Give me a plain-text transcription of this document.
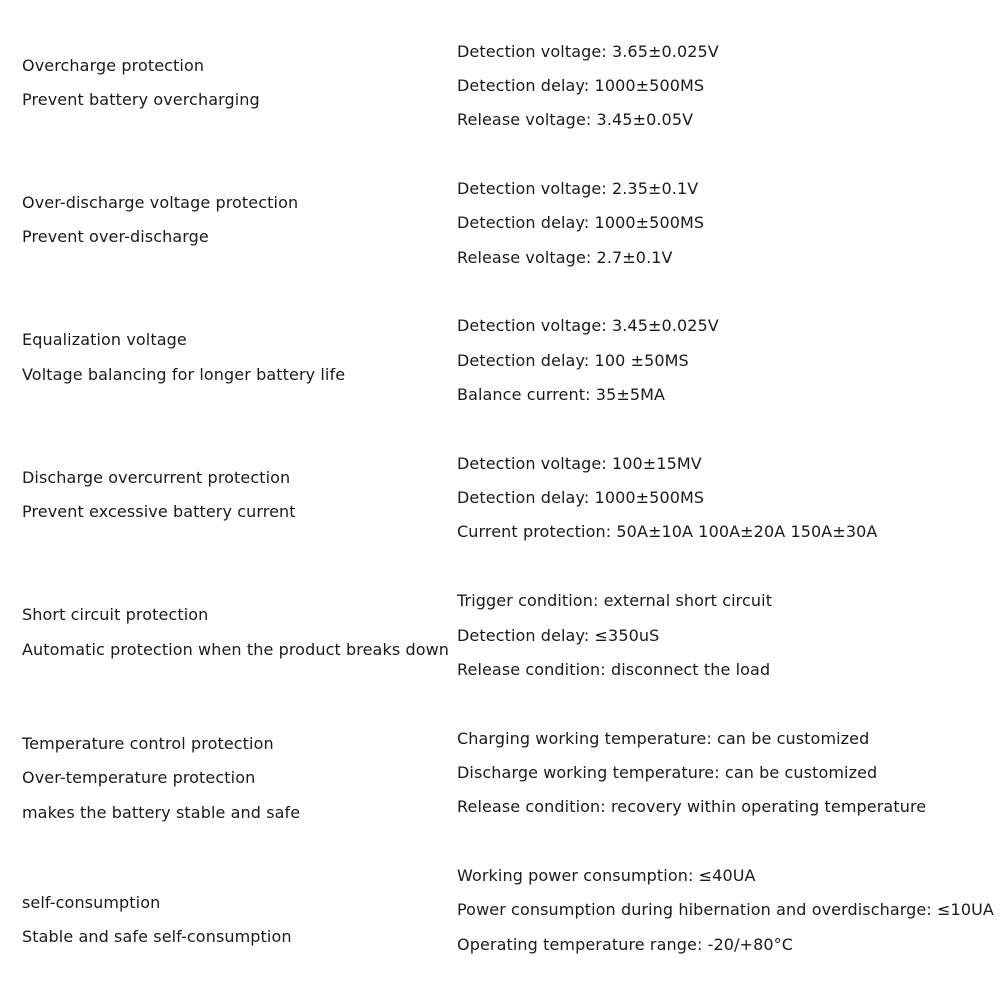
Overcharge protection
Prevent battery overcharging
Detection voltage: 3.65±0.025V
Detection delay: 1000±500MS
Release voltage: 3.45±0.05V
Over-discharge voltage protection
Prevent over-discharge
Detection voltage: 2.35±0.1V
Detection delay: 1000±500MS
Release voltage: 2.7±0.1V
Equalization voltage
Voltage balancing for longer battery life
Detection voltage: 3.45±0.025V
Detection delay: 100 ±50MS
Balance current: 35±5MA
Discharge overcurrent protection
Prevent excessive battery current
Detection voltage: 100±15MV
Detection delay: 1000±500MS
Current protection: 50A±10A 100A±20A 150A±30A
Short circuit protection
Automatic protection when the product breaks down
Trigger condition: external short circuit
Detection delay: ≤350uS
Release condition: disconnect the load
Temperature control protection
Over-temperature protection
makes the battery stable and safe
Charging working temperature: can be customized
Discharge working temperature: can be customized
Release condition: recovery within operating temperature
self-consumption
Stable and safe self-consumption
Working power consumption: ≤40UA
Power consumption during hibernation and overdischarge: ≤10UA
Operating temperature range: -20/+80°C
